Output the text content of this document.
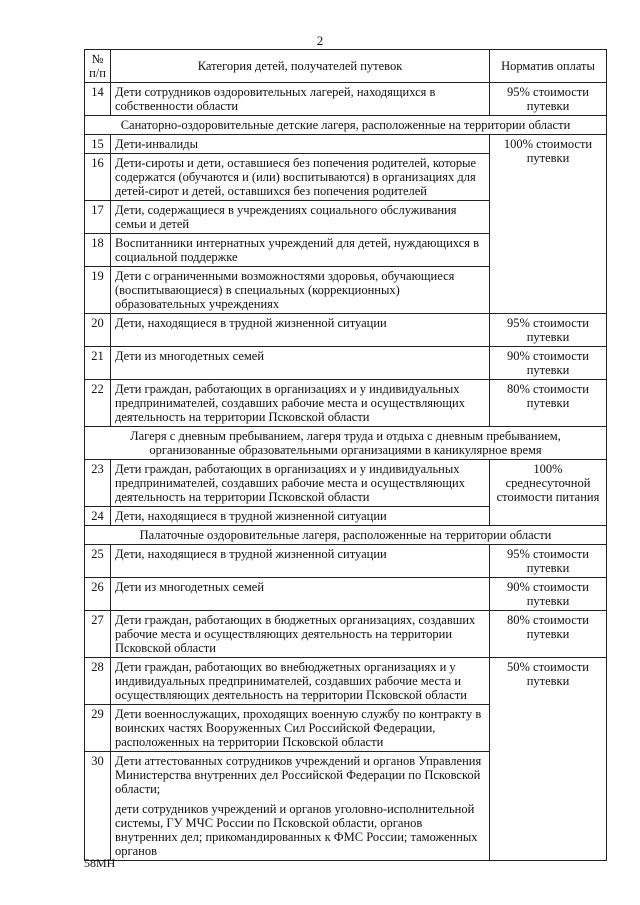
2
№ п/п	Категория детей, получателей путевок	Норматив оплаты
14	Дети сотрудников оздоровительных лагерей, находящихся в собственности области	95% стоимости путевки
Санаторно-оздоровительные детские лагеря, расположенные на территории области		
15	Дети-инвалиды	100% стоимости путевки
16	Дети-сироты и дети, оставшиеся без попечения родителей, которые содержатся (обучаются и (или) воспитываются) в организациях для детей-сирот и детей, оставшихся без попечения родителей	
17	Дети, содержащиеся в учреждениях социального обслуживания семьи и детей	
18	Воспитанники интернатных учреждений для детей, нуждающихся в социальной поддержке	
19	Дети с ограниченными возможностями здоровья, обучающиеся (воспитывающиеся) в специальных (коррекционных) образовательных учреждениях	
20	Дети, находящиеся в трудной жизненной ситуации	95% стоимости путевки
21	Дети из многодетных семей	90% стоимости путевки
22	Дети граждан, работающих в организациях и у индивидуальных предпринимателей, создавших рабочие места и осуществляющих деятельность на территории Псковской области	80% стоимости путевки
Лагеря с дневным пребыванием, лагеря труда и отдыха с дневным пребыванием, организованные образовательными организациями в каникулярное время		
23	Дети граждан, работающих в организациях и у индивидуальных предпринимателей, создавших рабочие места и осуществляющих деятельность на территории Псковской области	100% среднесуточной стоимости питания
24	Дети, находящиеся в трудной жизненной ситуации	
Палаточные оздоровительные лагеря, расположенные на территории области		
25	Дети, находящиеся в трудной жизненной ситуации	95% стоимости путевки
26	Дети из многодетных семей	90% стоимости путевки
27	Дети граждан, работающих в бюджетных организациях, создавших рабочие места и осуществляющих деятельность на территории Псковской области	80% стоимости путевки
28	Дети граждан, работающих во внебюджетных организациях и у индивидуальных предпринимателей, создавших рабочие места и осуществляющих деятельность на территории Псковской области	50% стоимости путевки
29	Дети военнослужащих, проходящих военную службу по контракту в воинских частях Вооруженных Сил Российской Федерации, расположенных на территории Псковской области	
30	Дети аттестованных сотрудников учреждений и органов Управления Министерства внутренних дел Российской Федерации по Псковской области;
дети сотрудников учреждений и органов уголовно-исполнительной системы, ГУ МЧС России по Псковской области, органов внутренних дел; прикомандированных к ФМС России; таможенных органов	
58МН
